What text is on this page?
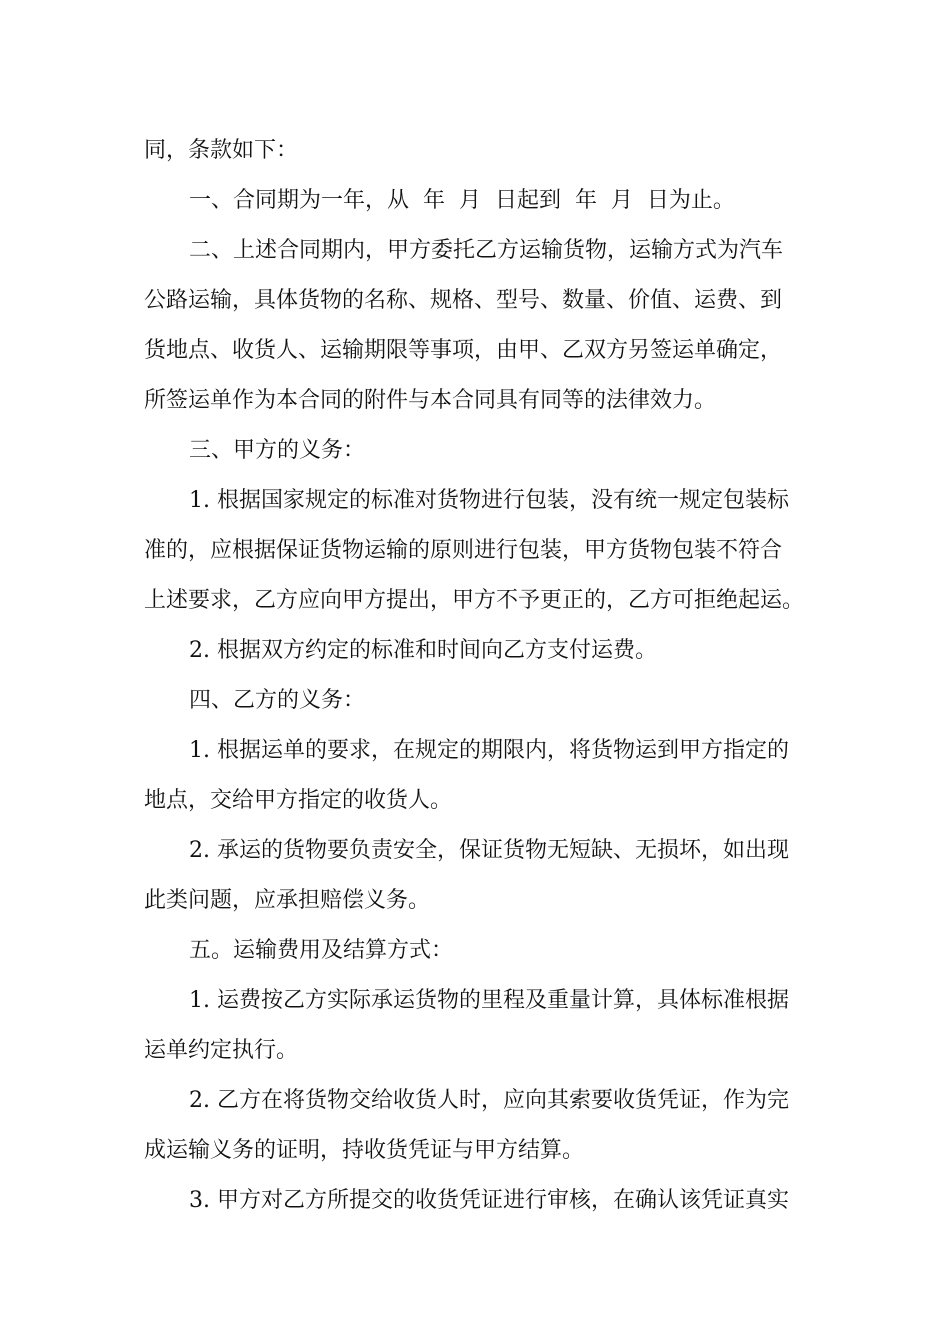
同，条款如下：
一、合同期为一年，从  年  月  日起到  年  月  日为止。
二、上述合同期内，甲方委托乙方运输货物，运输方式为汽车
公路运输，具体货物的名称、规格、型号、数量、价值、运费、到
货地点、收货人、运输期限等事项，由甲、乙双方另签运单确定，
所签运单作为本合同的附件与本合同具有同等的法律效力。
三、甲方的义务：
1. 根据国家规定的标准对货物进行包装，没有统一规定包装标
准的，应根据保证货物运输的原则进行包装，甲方货物包装不符合
上述要求，乙方应向甲方提出，甲方不予更正的，乙方可拒绝起运。
2. 根据双方约定的标准和时间向乙方支付运费。
四、乙方的义务：
1. 根据运单的要求，在规定的期限内，将货物运到甲方指定的
地点，交给甲方指定的收货人。
2. 承运的货物要负责安全，保证货物无短缺、无损坏，如出现
此类问题，应承担赔偿义务。
五。运输费用及结算方式：
1. 运费按乙方实际承运货物的里程及重量计算，具体标准根据
运单约定执行。
2. 乙方在将货物交给收货人时，应向其索要收货凭证，作为完
成运输义务的证明，持收货凭证与甲方结算。
3. 甲方对乙方所提交的收货凭证进行审核，在确认该凭证真实
